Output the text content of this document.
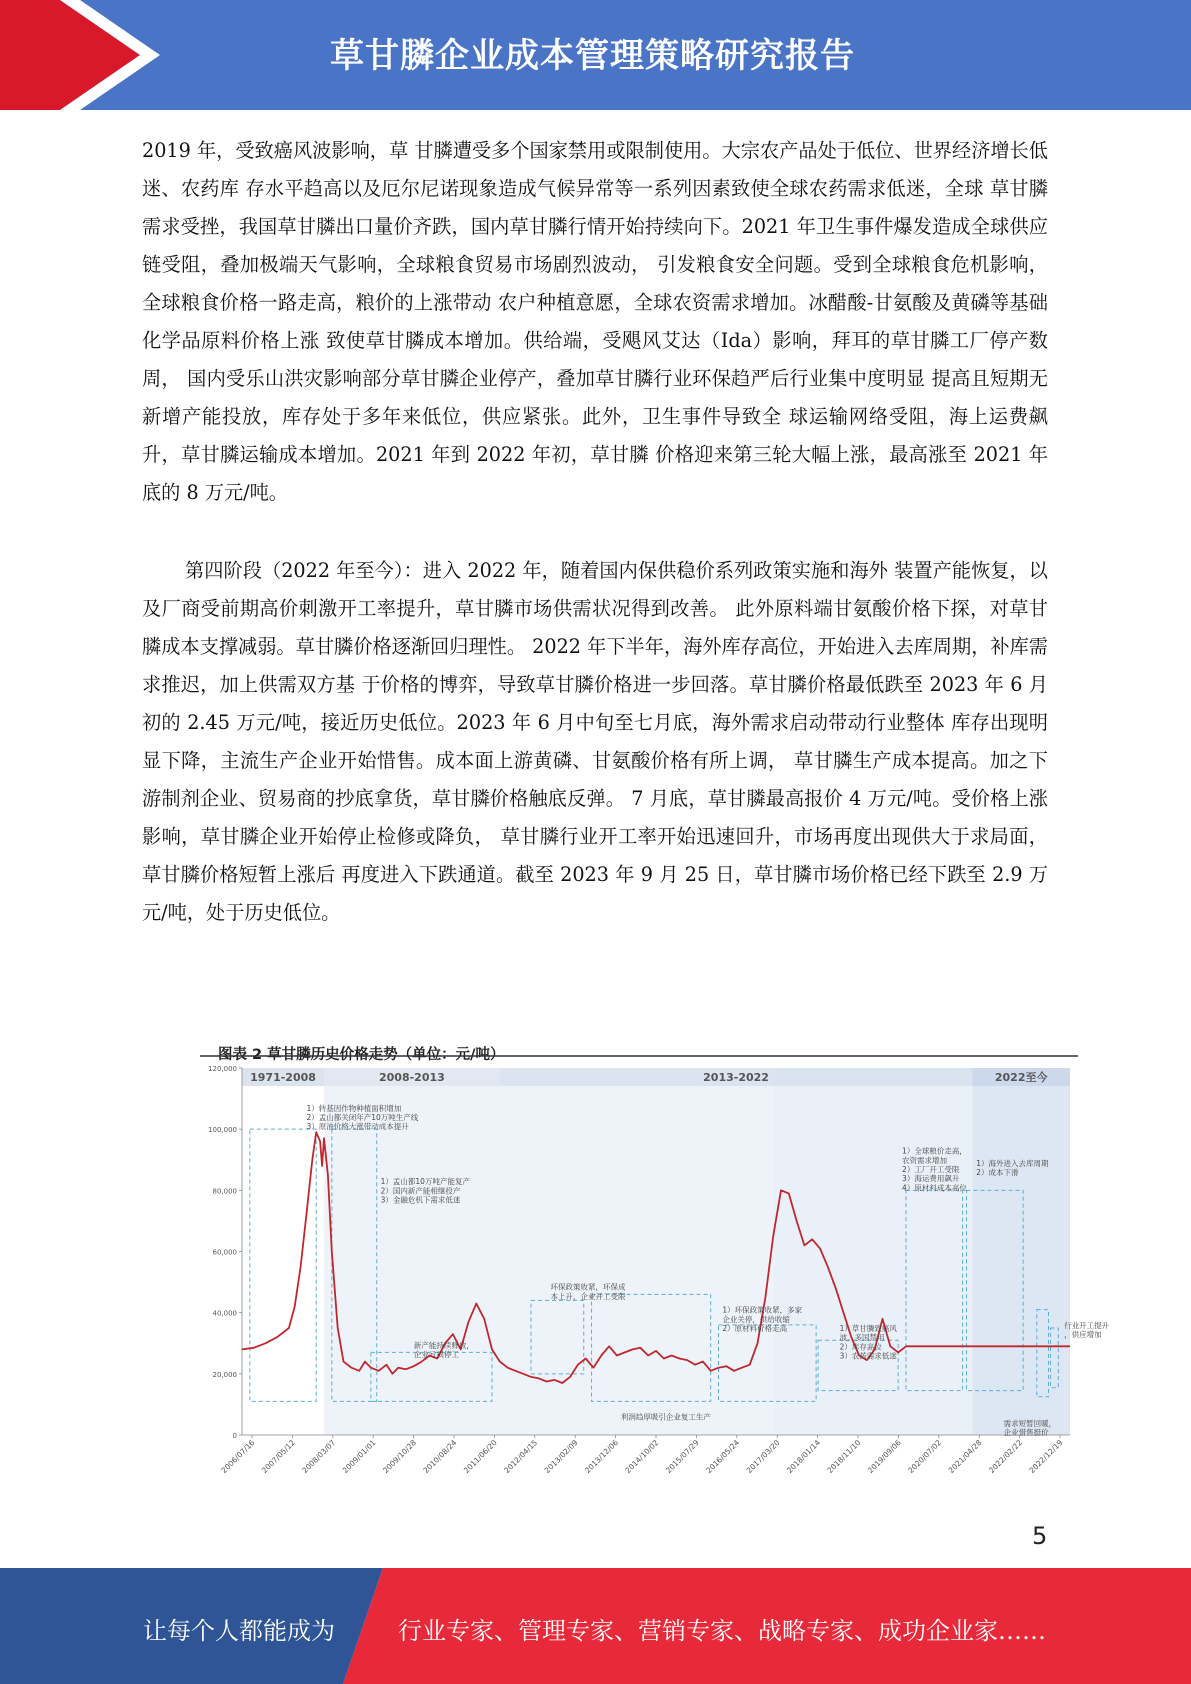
草甘膦企业成本管理策略研究报告
2019 年，受致癌风波影响，草 甘膦遭受多个国家禁用或限制使用。大宗农产品处于低位、世界经济增长低迷、农药库 存水平趋高以及厄尔尼诺现象造成气候异常等一系列因素致使全球农药需求低迷，全球 草甘膦需求受挫，我国草甘膦出口量价齐跌，国内草甘膦行情开始持续向下。2021 年卫生事件爆发造成全球供应链受阻，叠加极端天气影响，全球粮食贸易市场剧烈波动， 引发粮食安全问题。受到全球粮食危机影响，全球粮食价格一路走高，粮价的上涨带动 农户种植意愿，全球农资需求增加。冰醋酸-甘氨酸及黄磷等基础化学品原料价格上涨 致使草甘膦成本增加。供给端，受飓风艾达（Ida）影响，拜耳的草甘膦工厂停产数周， 国内受乐山洪灾影响部分草甘膦企业停产，叠加草甘膦行业环保趋严后行业集中度明显 提高且短期无新增产能投放，库存处于多年来低位，供应紧张。此外，卫生事件导致全 球运输网络受阻，海上运费飙升，草甘膦运输成本增加。2021 年到 2022 年初，草甘膦 价格迎来第三轮大幅上涨，最高涨至 2021 年底的 8 万元/吨。
第四阶段（2022 年至今）：进入 2022 年，随着国内保供稳价系列政策实施和海外 装置产能恢复，以及厂商受前期高价刺激开工率提升，草甘膦市场供需状况得到改善。 此外原料端甘氨酸价格下探，对草甘膦成本支撑减弱。草甘膦价格逐渐回归理性。 2022 年下半年，海外库存高位，开始进入去库周期，补库需求推迟，加上供需双方基 于价格的博弈，导致草甘膦价格进一步回落。草甘膦价格最低跌至 2023 年 6 月初的 2.45 万元/吨，接近历史低位。2023 年 6 月中旬至七月底，海外需求启动带动行业整体 库存出现明显下降，主流生产企业开始惜售。成本面上游黄磷、甘氨酸价格有所上调， 草甘膦生产成本提高。加之下游制剂企业、贸易商的抄底拿货，草甘膦价格触底反弹。 7 月底，草甘膦最高报价 4 万元/吨。受价格上涨影响，草甘膦企业开始停止检修或降负， 草甘膦行业开工率开始迅速回升，市场再度出现供大于求局面，草甘膦价格短暂上涨后 再度进入下跌通道。截至 2023 年 9 月 25 日，草甘膦市场价格已经下跌至 2.9 万元/吨，处于历史低位。
图表 2 草甘膦历史价格走势（单位：元/吨）
1971-2008	2008-2013	2013-2022	2022至今
0
20,000
40,000
60,000
80,000
100,000
120,000
2006/07/16 2007/05/12 2008/03/07 2009/01/01 2009/10/28 2010/08/24 2011/06/20 2012/04/15 2013/02/09 2013/12/06 2014/10/02 2015/07/29 2016/05/24 2017/03/20 2018/01/14 2018/11/10 2019/09/06 2020/07/02 2021/04/28 2022/02/22 2022/12/19
1）转基因作物种植面积增加
2）孟山都关闭年产10万吨生产线
3）原油价格大涨带动成本提升
1）孟山都10万吨产能复产
2）国内新产能相继投产
3）金融危机下需求低迷
新产能持续释放，
企业亏损停工
环保政策收紧，环保成
本上升，企业开工受限
利润趋厚吸引企业复工生产
1）环保政策收紧，多家
企业关停，供给收缩
2）原材料价格走高	1）草甘膦致癌风
波，多国禁用
2）库存高位
3）农药需求低迷
1）全球粮价走高，
农资需求增加
2）工厂开工受限
3）海运费用飙升
4）原材料成本高位
1）海外进入去库周期
2）成本下滑
需求短暂回暖，
企业惜售挺价
行业开工提升
，供应增加
5
让每个人都能成为	行业专家、管理专家、营销专家、战略专家、成功企业家……
